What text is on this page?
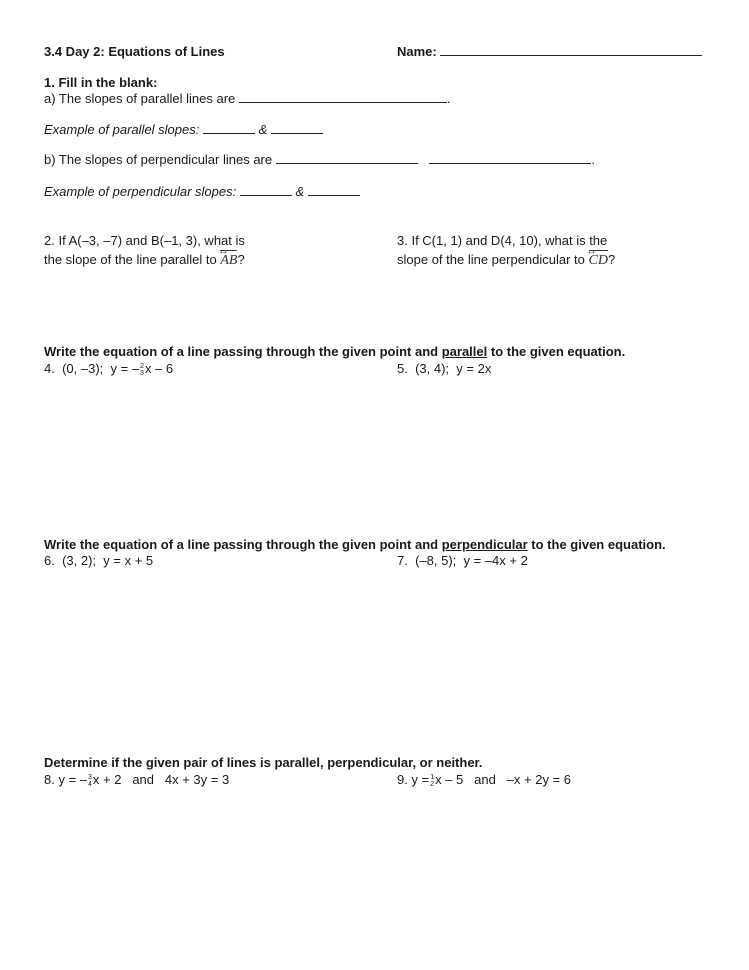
3.4 Day 2: Equations of Lines	Name:
1. Fill in the blank:
a) The slopes of parallel lines are	.
Example of parallel slopes:	&
b) The slopes of perpendicular lines are	.
Example of perpendicular slopes:	&
2. If A(–3, –7) and B(–1, 3), what is
the slope of the line parallel to AB ↔?
3. If C(1, 1) and D(4, 10), what is the
slope of the line perpendicular to CD ↔?
Write the equation of a line passing through the given point and parallel to the given equation.
4. (0, –3); y = – 2
3 x – 6	5. (3, 4); y = 2x
Write the equation of a line passing through the given point and perpendicular to the given equation.
6. (3, 2); y = x + 5	7. (–8, 5); y = –4x + 2
Determine if the given pair of lines is parallel, perpendicular, or neither.
8. y = – 3
4 x + 2 and 4x + 3y = 3	9. y = 1
2 x – 5 and –x + 2y = 6
